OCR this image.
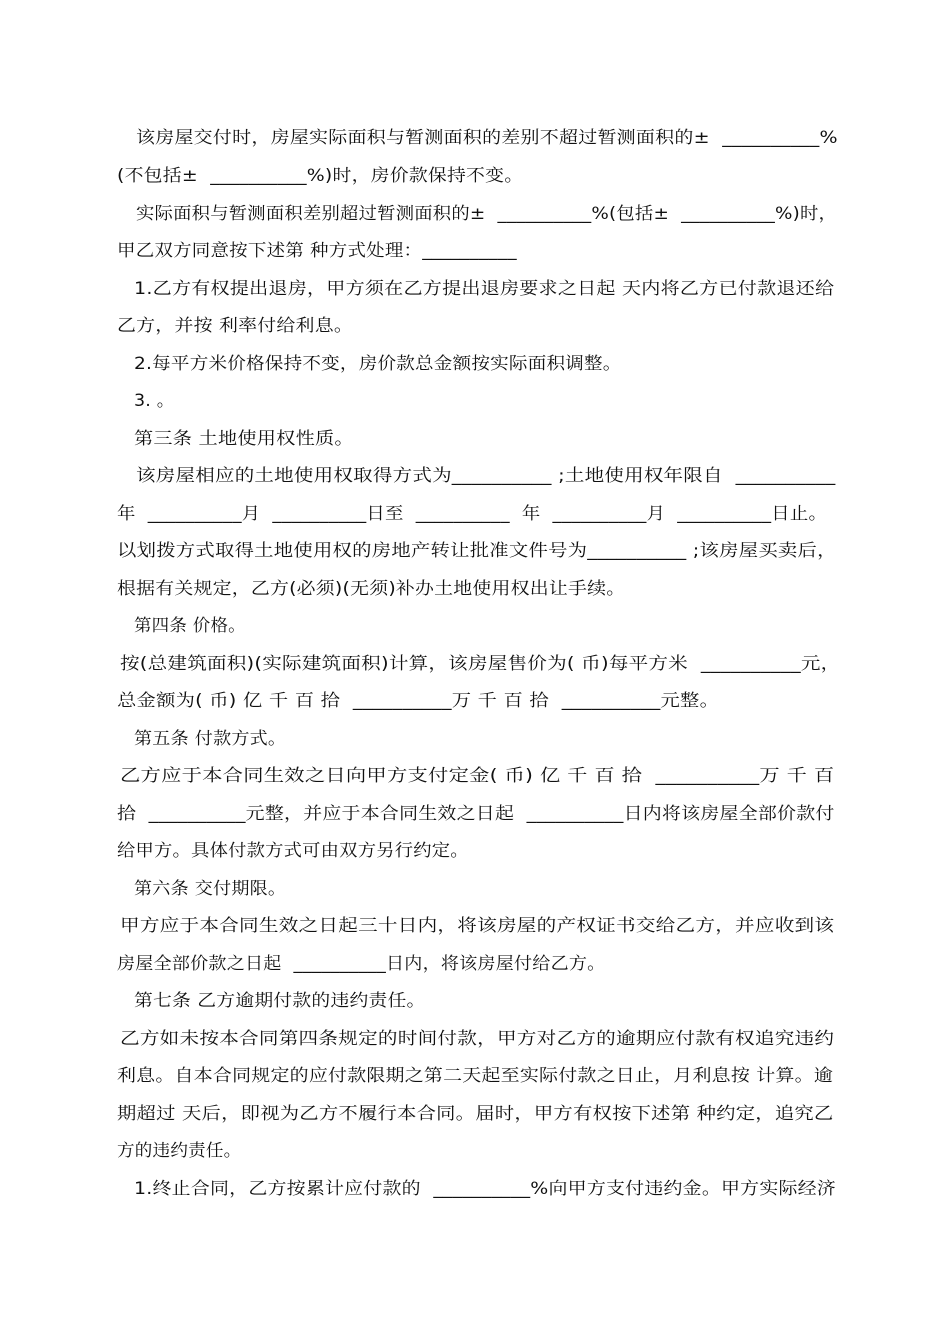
该房屋交付时，房屋实际面积与暂测面积的差别不超过暂测面积的±  __________%
(不包括±  __________%)时，房价款保持不变。
实际面积与暂测面积差别超过暂测面积的±  __________%(包括±  __________%)时，
甲乙双方同意按下述第 种方式处理：__________
1.乙方有权提出退房，甲方须在乙方提出退房要求之日起 天内将乙方已付款退还给
乙方，并按 利率付给利息。
2.每平方米价格保持不变，房价款总金额按实际面积调整。
3. 。
第三条 土地使用权性质。
该房屋相应的土地使用权取得方式为__________ ;土地使用权年限自  __________
年  __________月  __________日至  __________  年  __________月  __________日止。
以划拨方式取得土地使用权的房地产转让批准文件号为__________ ;该房屋买卖后，
根据有关规定，乙方(必须)(无须)补办土地使用权出让手续。
第四条 价格。
按(总建筑面积)(实际建筑面积)计算，该房屋售价为( 币)每平方米  __________元，
总金额为( 币) 亿 千 百 拾  __________万 千 百 拾  __________元整。
第五条 付款方式。
乙方应于本合同生效之日向甲方支付定金( 币) 亿 千 百 拾  __________万 千 百
拾  __________元整，并应于本合同生效之日起  __________日内将该房屋全部价款付
给甲方。具体付款方式可由双方另行约定。
第六条 交付期限。
甲方应于本合同生效之日起三十日内，将该房屋的产权证书交给乙方，并应收到该
房屋全部价款之日起  __________日内，将该房屋付给乙方。
第七条 乙方逾期付款的违约责任。
乙方如未按本合同第四条规定的时间付款，甲方对乙方的逾期应付款有权追究违约
利息。自本合同规定的应付款限期之第二天起至实际付款之日止，月利息按 计算。逾
期超过 天后，即视为乙方不履行本合同。届时，甲方有权按下述第 种约定，追究乙
方的违约责任。
1.终止合同，乙方按累计应付款的  __________%向甲方支付违约金。甲方实际经济
